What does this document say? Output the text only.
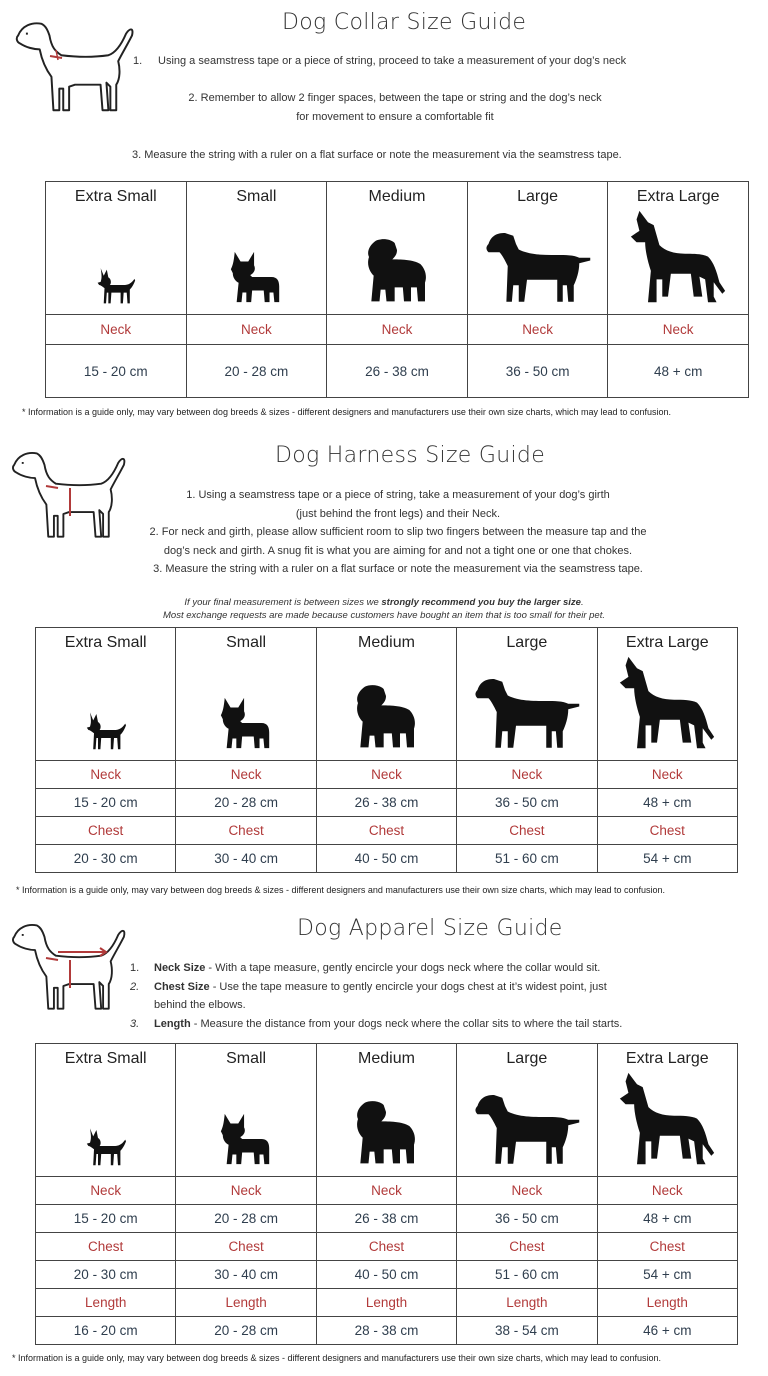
Dog Collar Size Guide
1. Using a seamstress tape or a piece of string, proceed to take a measurement of your dog’s neck

2. Remember to allow 2 finger spaces, between the tape or string and the dog’s neck

for movement to ensure a comfortable fit

3. Measure the string with a ruler on a flat surface or note the measurement via the seamstress tape.
Extra Small	Small	Medium	Large	Extra Large

Neck	Neck	Neck	Neck	Neck
15 - 20 cm	20 - 28 cm	26 - 38 cm	36 - 50 cm	48 + cm
* Information is a guide only, may vary between dog breeds & sizes - different designers and manufacturers use their own size charts, which may lead to confusion.
Dog Harness Size Guide

1. Using a seamstress tape or a piece of string, take a measurement of your dog’s girth

(just behind the front legs) and their Neck.

2. For neck and girth, please allow sufficient room to slip two fingers between the measure tap and the

dog’s neck and girth. A snug fit is what you are aiming for and not a tight one or one that chokes.

3. Measure the string with a ruler on a flat surface or note the measurement via the seamstress tape.

If your final measurement is between sizes we strongly recommend you buy the larger size.
Most exchange requests are made because customers have bought an item that is too small for their pet.
Extra Small	Small	Medium	Large	Extra Large

Neck	Neck	Neck	Neck	Neck
15 - 20 cm	20 - 28 cm	26 - 38 cm	36 - 50 cm	48 + cm
Chest	Chest	Chest	Chest	Chest
20 - 30 cm	30 - 40 cm	40 - 50 cm	51 - 60 cm	54 + cm
* Information is a guide only, may vary between dog breeds & sizes - different designers and manufacturers use their own size charts, which may lead to confusion.
Dog Apparel Size Guide

1. Neck Size - With a tape measure, gently encircle your dogs neck where the collar would sit.

2. Chest Size - Use the tape measure to gently encircle your dogs chest at it’s widest point, just

behind the elbows.

3. Length - Measure the distance from your dogs neck where the collar sits to where the tail starts.

Extra Small	Small	Medium	Large	Extra Large

Neck	Neck	Neck	Neck	Neck
15 - 20 cm	20 - 28 cm	26 - 38 cm	36 - 50 cm	48 + cm
Chest	Chest	Chest	Chest	Chest
20 - 30 cm	30 - 40 cm	40 - 50 cm	51 - 60 cm	54 + cm
Length	Length	Length	Length	Length
16 - 20 cm	20 - 28 cm	28 - 38 cm	38 - 54 cm	46 + cm
* Information is a guide only, may vary between dog breeds & sizes - different designers and manufacturers use their own size charts, which may lead to confusion.
